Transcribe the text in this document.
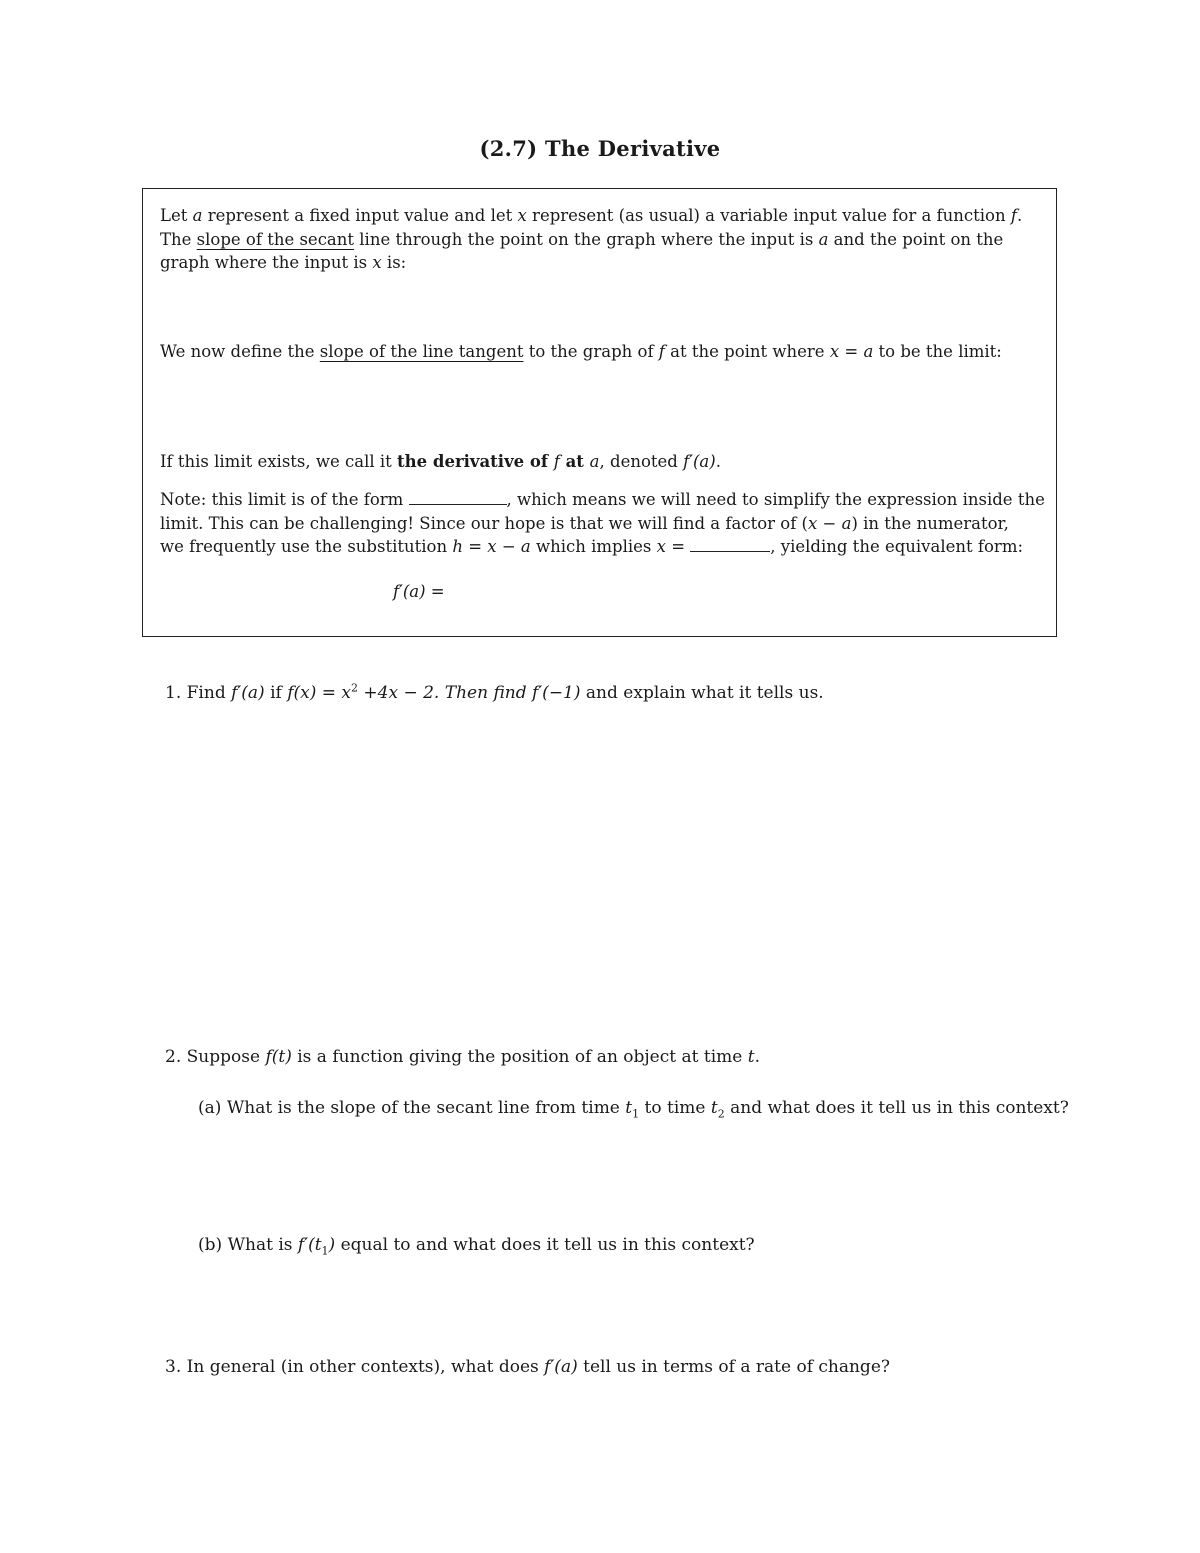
(2.7) The Derivative
Let a represent a fixed input value and let x represent (as usual) a variable input value for a function f.
The slope of the secant line through the point on the graph where the input is a and the point on the
graph where the input is x is:
We now define the slope of the line tangent to the graph of f at the point where x = a to be the limit:
If this limit exists, we call it the derivative of f at a, denoted f′(a).
Note: this limit is of the form	, which means we will need to simplify the expression inside the
limit. This can be challenging! Since our hope is that we will find a factor of (x − a) in the numerator,
we frequently use the substitution h = x − a which implies x =	, yielding the equivalent form:
f′(a) =
1. Find f′(a) if $f(x) = x^2 +4x - 2$. Then find f′(−1) and explain what it tells us.
2. Suppose f(t) is a function giving the position of an object at time t.
(a) What is the slope of the secant line from time $t_1$ to time $t_2$ and what does it tell us in this context?
(b) What is $f'(t_1)$ equal to and what does it tell us in this context?
3. In general (in other contexts), what does f′(a) tell us in terms of a rate of change?
